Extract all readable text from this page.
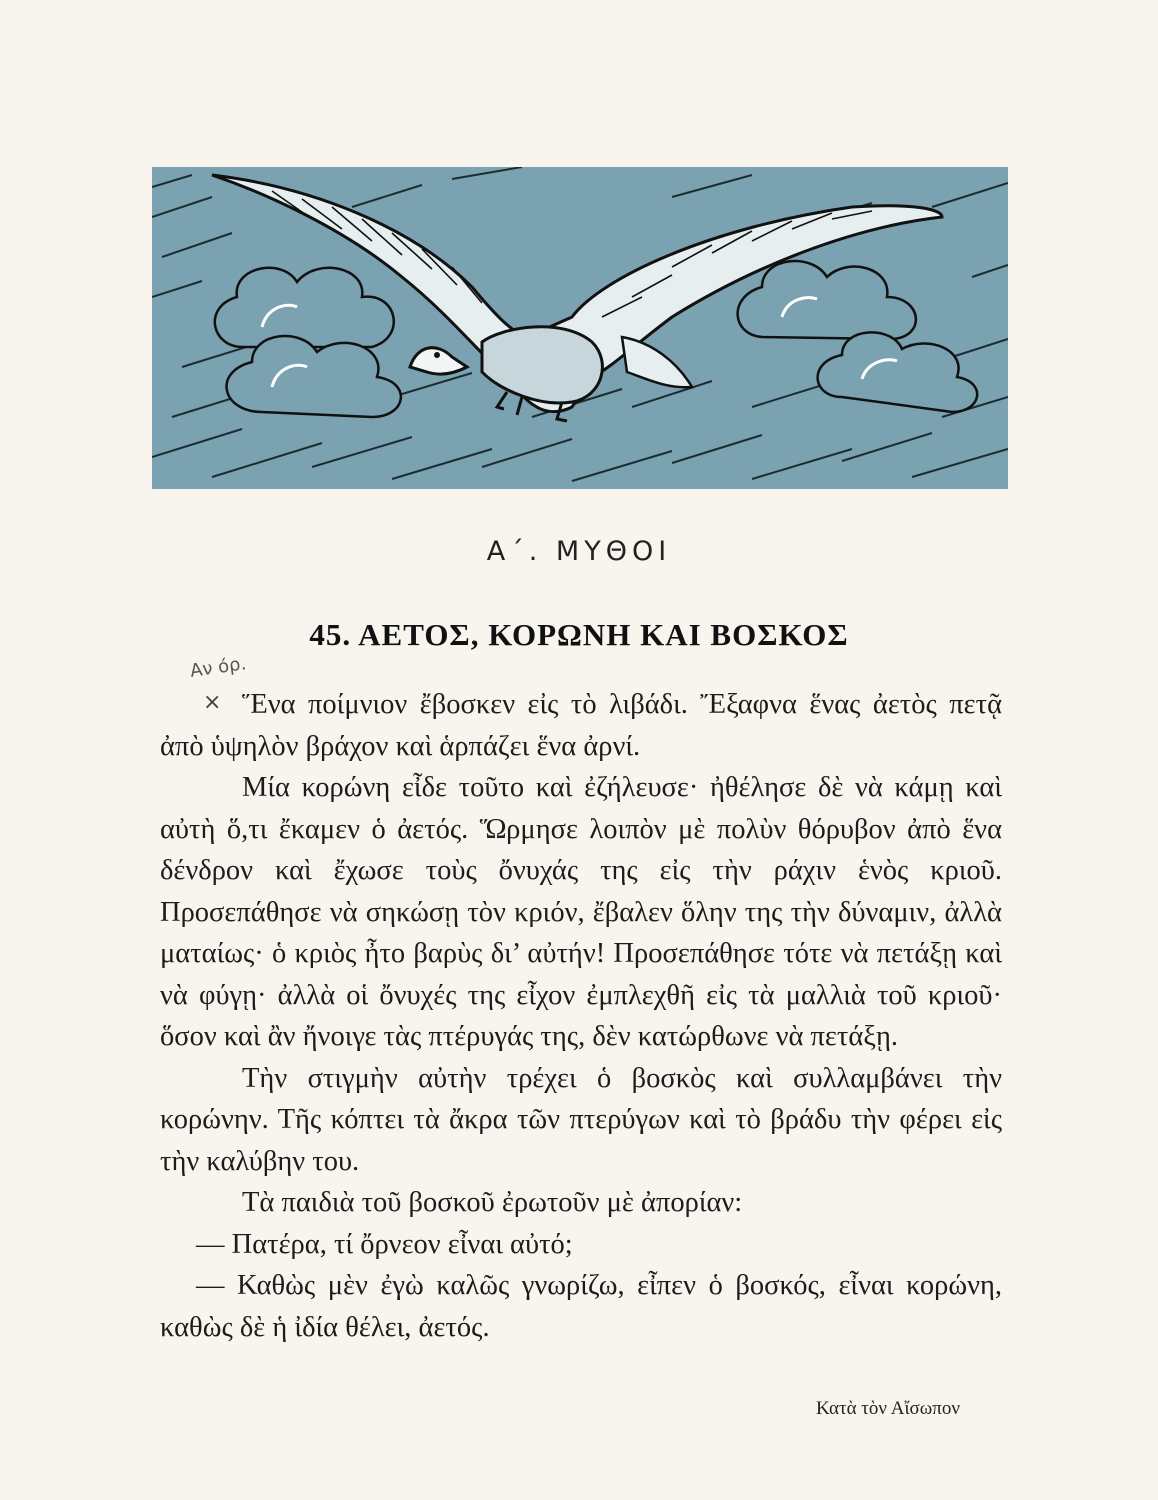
Α΄. ΜΥΘΟΙ
45. ΑΕΤΟΣ, ΚΟΡΩΝΗ ΚΑΙ ΒΟΣΚΟΣ
Αν όρ.
× Ἕνα ποίμνιον ἔβοσκεν εἰς τὸ λιβάδι. Ἔξαφνα ἕνας ἀετὸς πετᾷ ἀπὸ ὑψηλὸν βράχον καὶ ἁρπάζει ἕνα ἀρνί.

Μία κορώνη εἶδε τοῦτο καὶ ἐζήλευσε· ἠθέλησε δὲ νὰ κάμῃ καὶ αὐτὴ ὅ,τι ἔκαμεν ὁ ἀετός. Ὥρμησε λοιπὸν μὲ πολὺν θόρυβον ἀπὸ ἕνα δένδρον καὶ ἔχωσε τοὺς ὄνυχάς της εἰς τὴν ράχιν ἑνὸς κριοῦ. Προσεπάθησε νὰ σηκώσῃ τὸν κριόν, ἔβαλεν ὅλην της τὴν δύναμιν, ἀλλὰ ματαίως· ὁ κριὸς ἦτο βαρὺς δι’ αὐτήν! Προσεπάθησε τότε νὰ πετάξῃ καὶ νὰ φύγῃ· ἀλλὰ οἱ ὄνυχές της εἶχον ἐμπλεχθῆ εἰς τὰ μαλλιὰ τοῦ κριοῦ· ὅσον καὶ ἂν ἤνοιγε τὰς πτέρυγάς της, δὲν κατώρθωνε νὰ πετάξῃ.

Τὴν στιγμὴν αὐτὴν τρέχει ὁ βοσκὸς καὶ συλλαμβάνει τὴν κορώνην. Τῆς κόπτει τὰ ἄκρα τῶν πτερύγων καὶ τὸ βράδυ τὴν φέρει εἰς τὴν καλύβην του.

Τὰ παιδιὰ τοῦ βοσκοῦ ἐρωτοῦν μὲ ἀπορίαν:

— Πατέρα, τί ὄρνεον εἶναι αὐτό;

— Καθὼς μὲν ἐγὼ καλῶς γνωρίζω, εἶπεν ὁ βοσκός, εἶναι κορώνη, καθὼς δὲ ἡ ἰδία θέλει, ἀετός.

Κατὰ τὸν Αἴσωπον
